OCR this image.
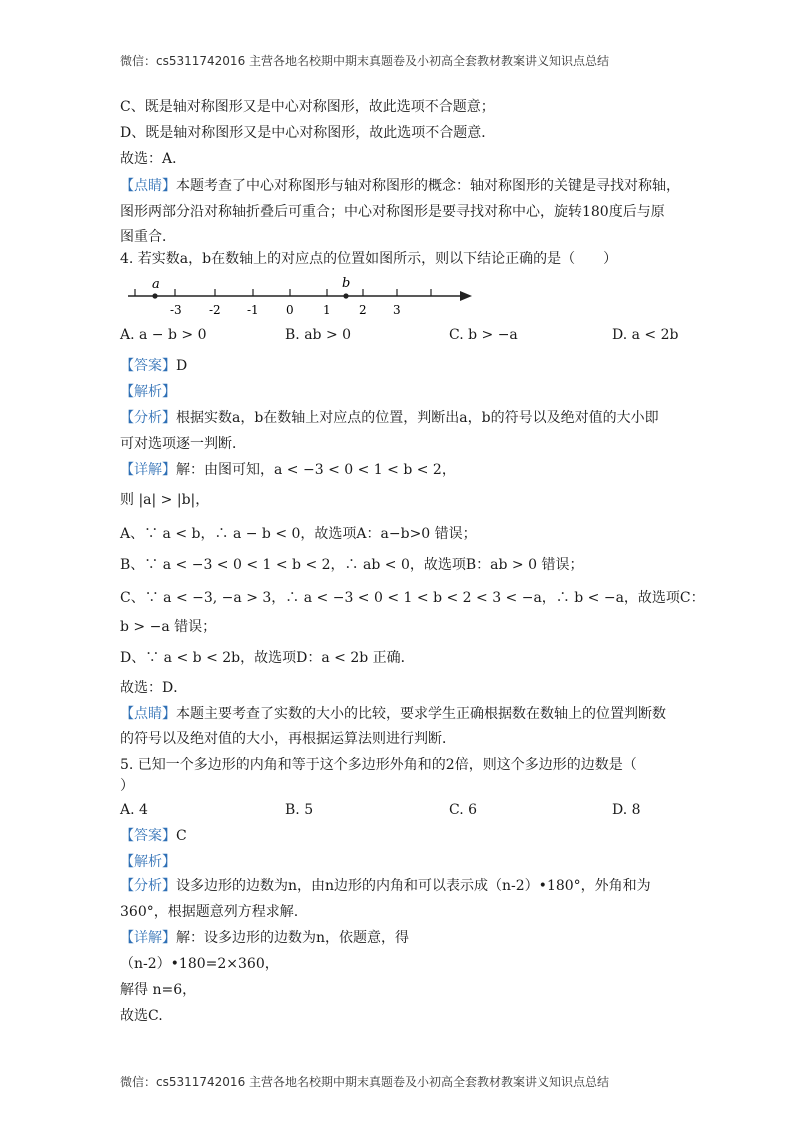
微信：cs5311742016 主营各地名校期中期末真题卷及小初高全套教材教案讲义知识点总结
C、既是轴对称图形又是中心对称图形，故此选项不合题意；
D、既是轴对称图形又是中心对称图形，故此选项不合题意．
故选：A．
【点睛】本题考查了中心对称图形与轴对称图形的概念：轴对称图形的关键是寻找对称轴，
图形两部分沿对称轴折叠后可重合；中心对称图形是要寻找对称中心，旋转180度后与原
图重合．
4. 若实数a，b在数轴上的对应点的位置如图所示，则以下结论正确的是（　　）
a	b
-3 -2 -1 0 1 2 3
A. a − b > 0	B. ab > 0	C. b > −a	D. a < 2b
【答案】D
【解析】
【分析】根据实数a，b在数轴上对应点的位置，判断出a，b的符号以及绝对值的大小即
可对选项逐一判断．
【详解】解：由图可知，a < −3 < 0 < 1 < b < 2，
则 |a| > |b|，
A、∵ a < b，∴ a − b < 0，故选项A：a−b>0 错误；
B、∵ a < −3 < 0 < 1 < b < 2，∴ ab < 0，故选项B：ab > 0 错误；
C、∵ a < −3, −a > 3，∴ a < −3 < 0 < 1 < b < 2 < 3 < −a，∴ b < −a，故选项C：
b > −a 错误；
D、∵ a < b < 2b，故选项D：a < 2b 正确．
故选：D．
【点睛】本题主要考查了实数的大小的比较，要求学生正确根据数在数轴上的位置判断数
的符号以及绝对值的大小，再根据运算法则进行判断．
5. 已知一个多边形的内角和等于这个多边形外角和的2倍，则这个多边形的边数是（
）
A. 4	B. 5	C. 6	D. 8
【答案】C
【解析】
【分析】设多边形的边数为n，由n边形的内角和可以表示成（n-2）•180°，外角和为
360°，根据题意列方程求解.
【详解】解：设多边形的边数为n，依题意，得
（n-2）•180=2×360，
解得 n=6，
故选C.
微信：cs5311742016 主营各地名校期中期末真题卷及小初高全套教材教案讲义知识点总结
